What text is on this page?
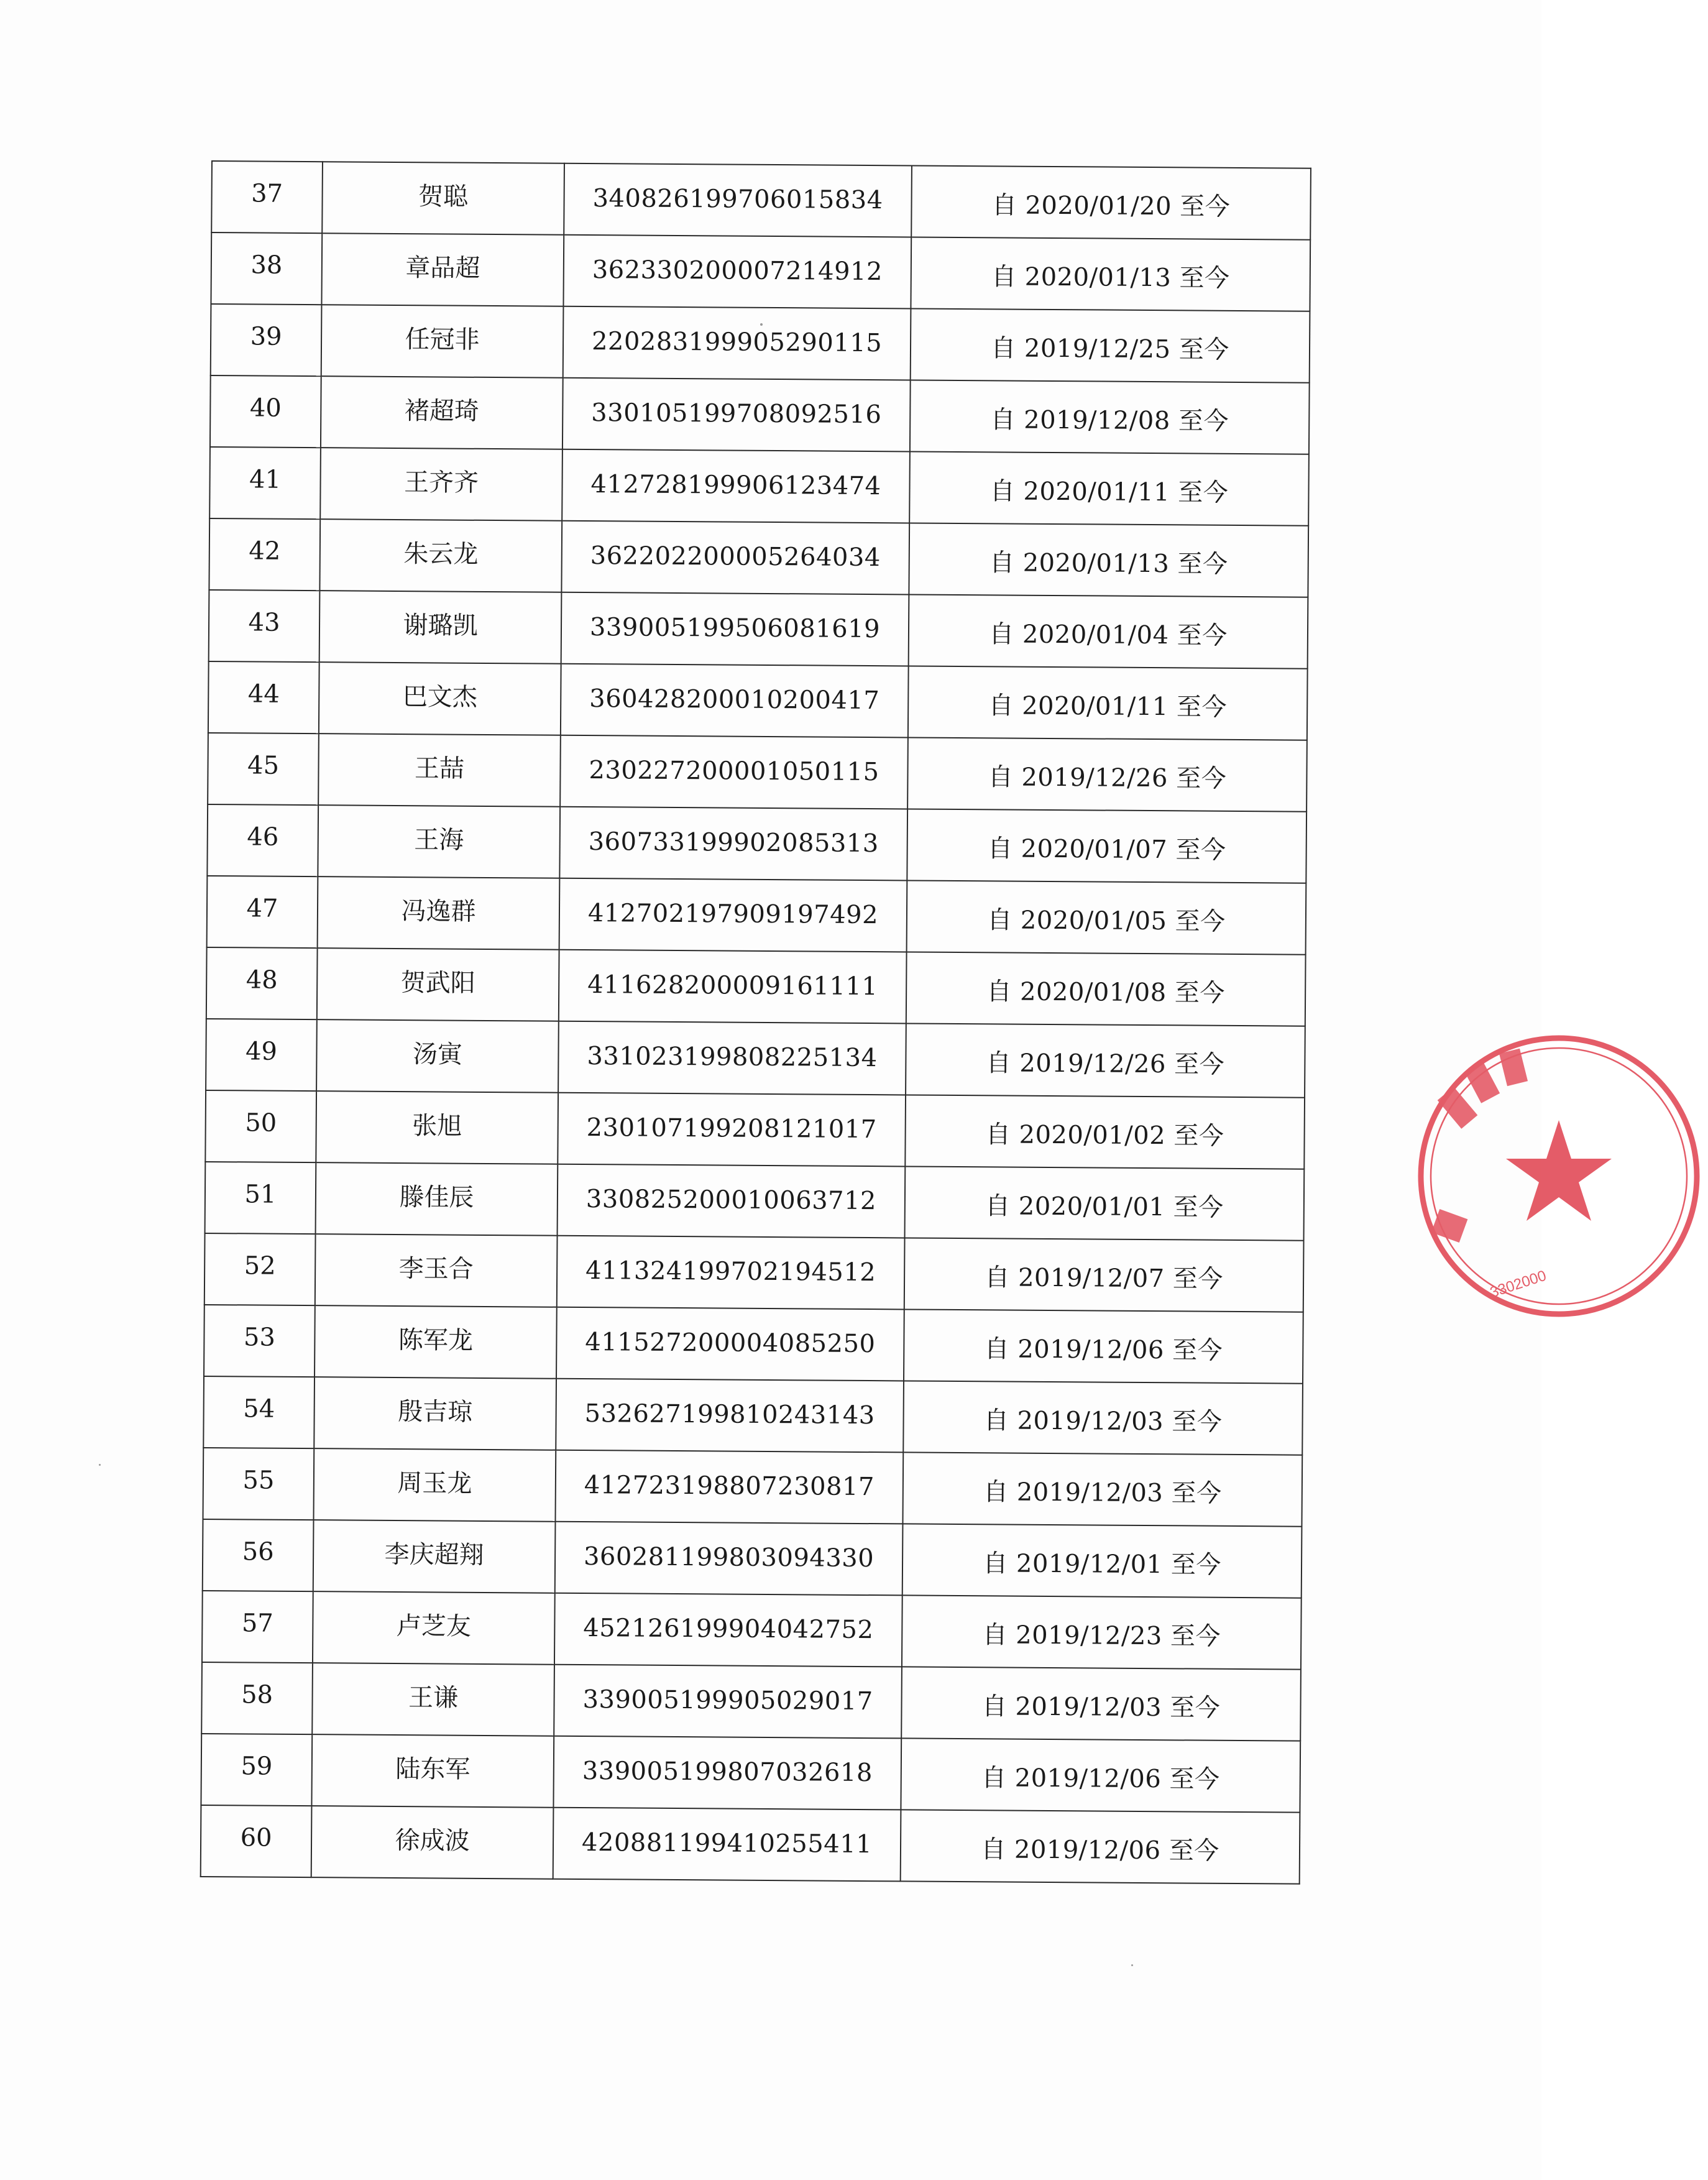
37	贺聪	340826199706015834	自 2020/01/20 至今
38	章品超	362330200007214912	自 2020/01/13 至今
39	任冠非	220283199905290115	自 2019/12/25 至今
40	褚超琦	330105199708092516	自 2019/12/08 至今
41	王齐齐	412728199906123474	自 2020/01/11 至今
42	朱云龙	362202200005264034	自 2020/01/13 至今
43	谢璐凯	339005199506081619	自 2020/01/04 至今
44	巴文杰	360428200010200417	自 2020/01/11 至今
45	王喆	230227200001050115	自 2019/12/26 至今
46	王海	360733199902085313	自 2020/01/07 至今
47	冯逸群	412702197909197492	自 2020/01/05 至今
48	贺武阳	411628200009161111	自 2020/01/08 至今
49	汤寅	331023199808225134	自 2019/12/26 至今
50	张旭	230107199208121017	自 2020/01/02 至今
51	滕佳辰	330825200010063712	自 2020/01/01 至今
52	李玉合	411324199702194512	自 2019/12/07 至今
53	陈军龙	411527200004085250	自 2019/12/06 至今
54	殷吉琼	532627199810243143	自 2019/12/03 至今
55	周玉龙	412723198807230817	自 2019/12/03 至今
56	李庆超翔	360281199803094330	自 2019/12/01 至今
57	卢芝友	452126199904042752	自 2019/12/23 至今
58	王谦	339005199905029017	自 2019/12/03 至今
59	陆东军	339005199807032618	自 2019/12/06 至今
60	徐成波	420881199410255411	自 2019/12/06 至今
3302000
